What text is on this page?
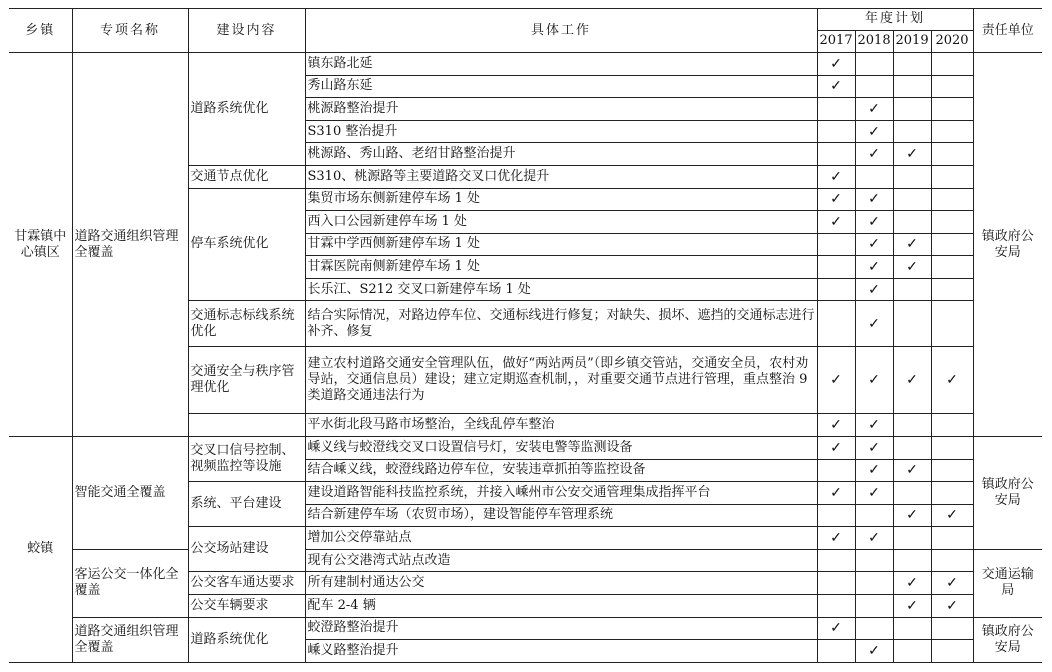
乡镇	专项名称	建设内容	具体工作	年度计划				责任单位
				2017	2018	2019	2020	
甘霖镇中心镇区	道路交通组织管理全覆盖	道路系统优化	镇东路北延	✓				镇政府公安局
			秀山路东延	✓				
			桃源路整治提升		✓			
			S310 整治提升		✓			
			桃源路、秀山路、老绍甘路整治提升		✓	✓		
		交通节点优化	S310、桃源路等主要道路交叉口优化提升	✓				
		停车系统优化	集贸市场东侧新建停车场 1 处	✓	✓			
			西入口公园新建停车场 1 处	✓	✓			
			甘霖中学西侧新建停车场 1 处		✓	✓		
			甘霖医院南侧新建停车场 1 处		✓	✓		
			长乐江、S212 交叉口新建停车场 1 处		✓			
		交通标志标线系统优化	结合实际情况，对路边停车位、交通标线进行修复；对缺失、损坏、遮挡的交通标志进行补齐、修复		✓			
		交通安全与秩序管理优化	建立农村道路交通安全管理队伍，做好“两站两员”（即乡镇交管站，交通安全员，农村劝导站，交通信息员）建设；建立定期巡查机制，，对重要交通节点进行管理，重点整治 9 类道路交通违法行为	✓	✓	✓	✓	
			平水街北段马路市场整治，全线乱停车整治	✓	✓			
蛟镇	智能交通全覆盖	交叉口信号控制、视频监控等设施	嵊义线与蛟澄线交叉口设置信号灯，安装电警等监测设备	✓	✓			镇政府公安局
			结合嵊义线，蛟澄线路边停车位，安装违章抓拍等监控设备		✓	✓		
		系统、平台建设	建设道路智能科技监控系统，并接入嵊州市公安交通管理集成指挥平台	✓	✓			
			结合新建停车场（农贸市场），建设智能停车管理系统			✓	✓	
		公交场站建设	增加公交停靠站点	✓	✓			
	客运公交一体化全覆盖		现有公交港湾式站点改造					交通运输局
		公交客车通达要求	所有建制村通达公交			✓	✓	
		公交车辆要求	配车 2-4 辆			✓	✓	
	道路交通组织管理全覆盖	道路系统优化	蛟澄路整治提升	✓				镇政府公安局
			嵊义路整治提升		✓			
